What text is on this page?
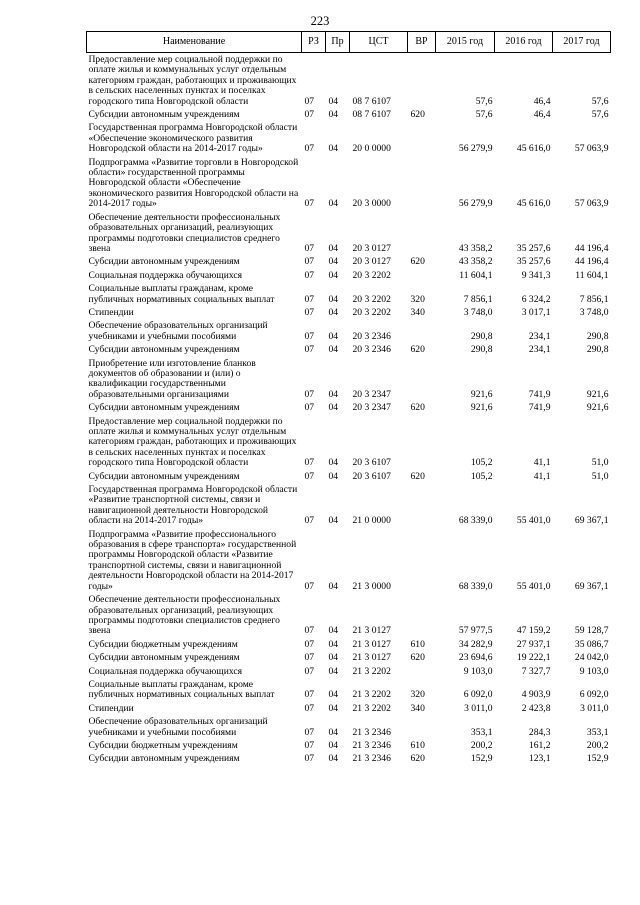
223
Наименование	РЗ	Пр	ЦСТ	ВР	2015 год	2016 год	2017 год
Предоставление мер социальной поддержки по оплате жилья и коммунальных услуг отдельным категориям граждан, работающих и проживающих в сельских населенных пунктах и поселках городского типа Новгородской области	07	04	08 7 6107		57,6	46,4	57,6
Субсидии автономным учреждениям	07	04	08 7 6107	620	57,6	46,4	57,6
Государственная программа Новгородской области «Обеспечение экономического развития Новгородской области на 2014-2017 годы»	07	04	20 0 0000		56 279,9	45 616,0	57 063,9
Подпрограмма «Развитие торговли в Новгородской области» государственной программы Новгородской области «Обеспечение экономического развития Новгородской области на 2014-2017 годы»	07	04	20 3 0000		56 279,9	45 616,0	57 063,9
Обеспечение деятельности профессиональных образовательных организаций, реализующих программы подготовки специалистов среднего звена	07	04	20 3 0127		43 358,2	35 257,6	44 196,4
Субсидии автономным учреждениям	07	04	20 3 0127	620	43 358,2	35 257,6	44 196,4
Социальная поддержка обучающихся	07	04	20 3 2202		11 604,1	9 341,3	11 604,1
Социальные выплаты гражданам, кроме публичных нормативных социальных выплат	07	04	20 3 2202	320	7 856,1	6 324,2	7 856,1
Стипендии	07	04	20 3 2202	340	3 748,0	3 017,1	3 748,0
Обеспечение образовательных организаций учебниками и учебными пособиями	07	04	20 3 2346		290,8	234,1	290,8
Субсидии автономным учреждениям	07	04	20 3 2346	620	290,8	234,1	290,8
Приобретение или изготовление бланков документов об образовании и (или) о квалификации государственными образовательными организациями	07	04	20 3 2347		921,6	741,9	921,6
Субсидии автономным учреждениям	07	04	20 3 2347	620	921,6	741,9	921,6
Предоставление мер социальной поддержки по оплате жилья и коммунальных услуг отдельным категориям граждан, работающих и проживающих в сельских населенных пунктах и поселках городского типа Новгородской области	07	04	20 3 6107		105,2	41,1	51,0
Субсидии автономным учреждениям	07	04	20 3 6107	620	105,2	41,1	51,0
Государственная программа Новгородской области «Развитие транспортной системы, связи и навигационной деятельности Новгородской области на 2014-2017 годы»	07	04	21 0 0000		68 339,0	55 401,0	69 367,1
Подпрограмма «Развитие профессионального образования в сфере транспорта» государственной программы Новгородской области «Развитие транспортной системы, связи и навигационной деятельности Новгородской области на 2014-2017 годы»	07	04	21 3 0000		68 339,0	55 401,0	69 367,1
Обеспечение деятельности профессиональных образовательных организаций, реализующих программы подготовки специалистов среднего звена	07	04	21 3 0127		57 977,5	47 159,2	59 128,7
Субсидии бюджетным учреждениям	07	04	21 3 0127	610	34 282,9	27 937,1	35 086,7
Субсидии автономным учреждениям	07	04	21 3 0127	620	23 694,6	19 222,1	24 042,0
Социальная поддержка обучающихся	07	04	21 3 2202		9 103,0	7 327,7	9 103,0
Социальные выплаты гражданам, кроме публичных нормативных социальных выплат	07	04	21 3 2202	320	6 092,0	4 903,9	6 092,0
Стипендии	07	04	21 3 2202	340	3 011,0	2 423,8	3 011,0
Обеспечение образовательных организаций учебниками и учебными пособиями	07	04	21 3 2346		353,1	284,3	353,1
Субсидии бюджетным учреждениям	07	04	21 3 2346	610	200,2	161,2	200,2
Субсидии автономным учреждениям	07	04	21 3 2346	620	152,9	123,1	152,9
